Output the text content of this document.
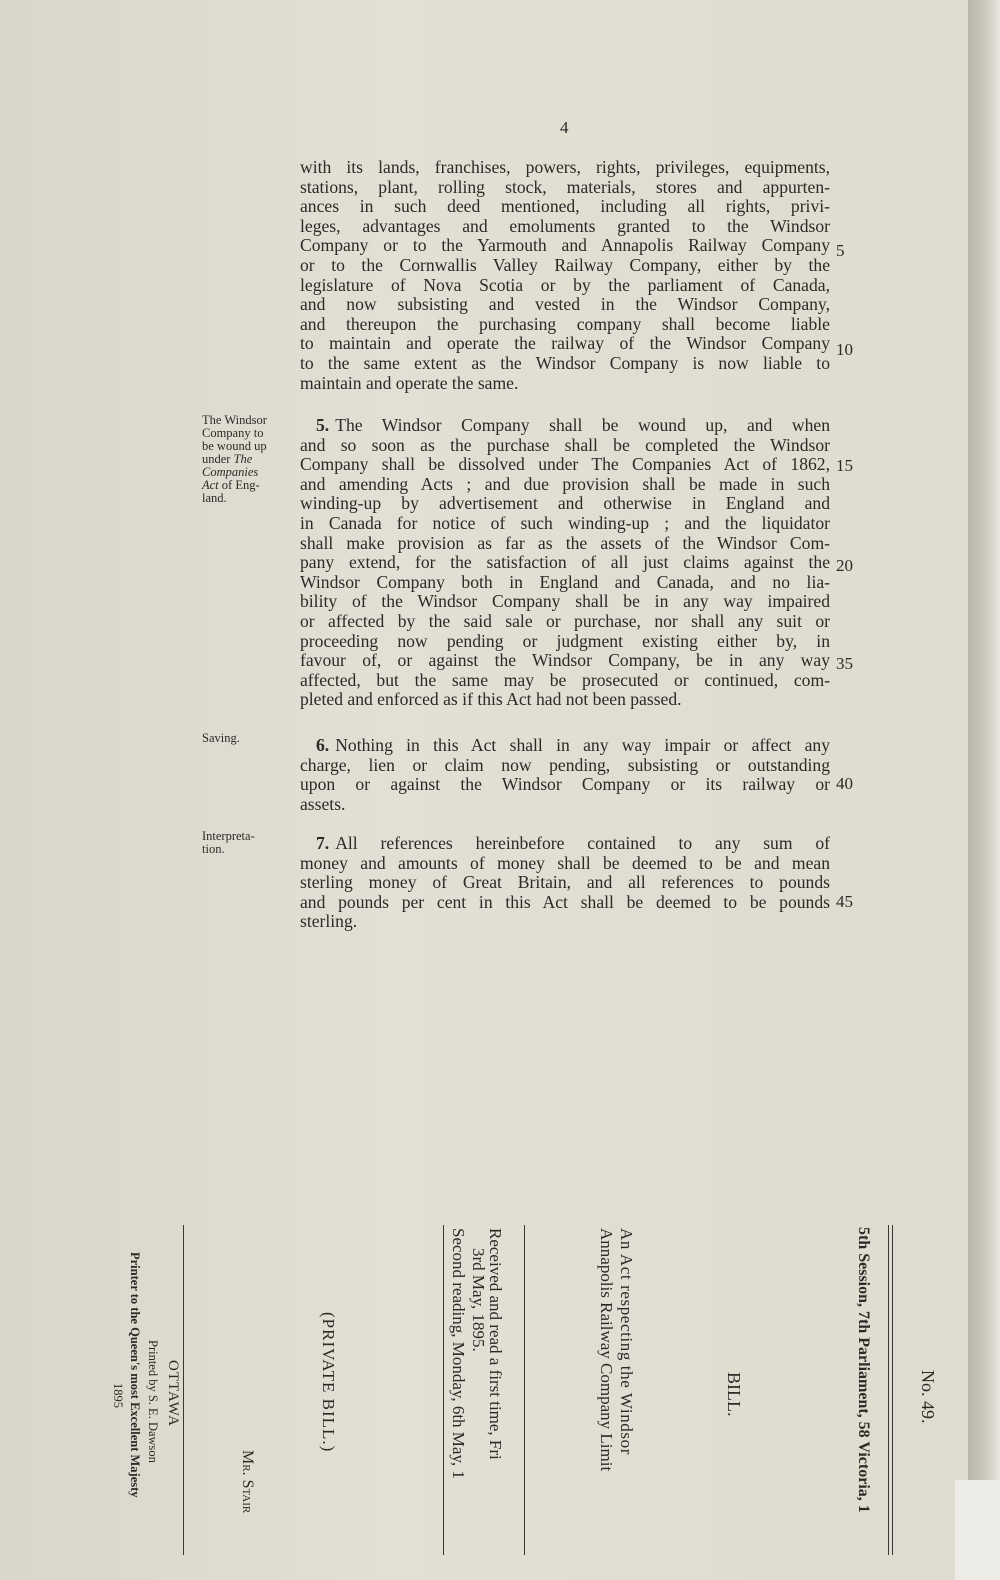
4
with its lands, franchises, powers, rights, privileges, equipments,
stations, plant, rolling stock, materials, stores and appurten-
ances in such deed mentioned, including all rights, privi-
leges, advantages and emoluments granted to the Windsor
Company or to the Yarmouth and Annapolis Railway Company
or to the Cornwallis Valley Railway Company, either by the
legislature of Nova Scotia or by the parliament of Canada,
and now subsisting and vested in the Windsor Company,
and thereupon the purchasing company shall become liable
to maintain and operate the railway of the Windsor Company
to the same extent as the Windsor Company is now liable to
maintain and operate the same.
5. The Windsor Company shall be wound up, and when
and so soon as the purchase shall be completed the Windsor
Company shall be dissolved under The Companies Act of 1862,
and amending Acts ; and due provision shall be made in such
winding-up by advertisement and otherwise in England and
in Canada for notice of such winding-up ; and the liquidator
shall make provision as far as the assets of the Windsor Com-
pany extend, for the satisfaction of all just claims against the
Windsor Company both in England and Canada, and no lia-
bility of the Windsor Company shall be in any way impaired
or affected by the said sale or purchase, nor shall any suit or
proceeding now pending or judgment existing either by, in
favour of, or against the Windsor Company, be in any way
affected, but the same may be prosecuted or continued, com-
pleted and enforced as if this Act had not been passed.
6. Nothing in this Act shall in any way impair or affect any
charge, lien or claim now pending, subsisting or outstanding
upon or against the Windsor Company or its railway or
assets.
7. All references hereinbefore contained to any sum of
money and amounts of money shall be deemed to be and mean
sterling money of Great Britain, and all references to pounds
and pounds per cent in this Act shall be deemed to be pounds
sterling.
5
10
15
20
35
40
45
The Windsor
Company to
be wound up
under The
Companies
Act of Eng-
land.
Saving.
Interpreta-
tion.
No. 49.
5th Session, 7th Parliament, 58 Victoria, 1
BILL.
An Act respecting the Windsor
Annapolis Railway Company Limit
Received and read a first time, Fri
3rd May, 1895.
Second reading, Monday, 6th May, 1
(PRIVATE BILL.)
Mr. Stair
OTTAWA
Printed by S. E. Dawson
Printer to the Queen's most Excellent Majesty
1895
